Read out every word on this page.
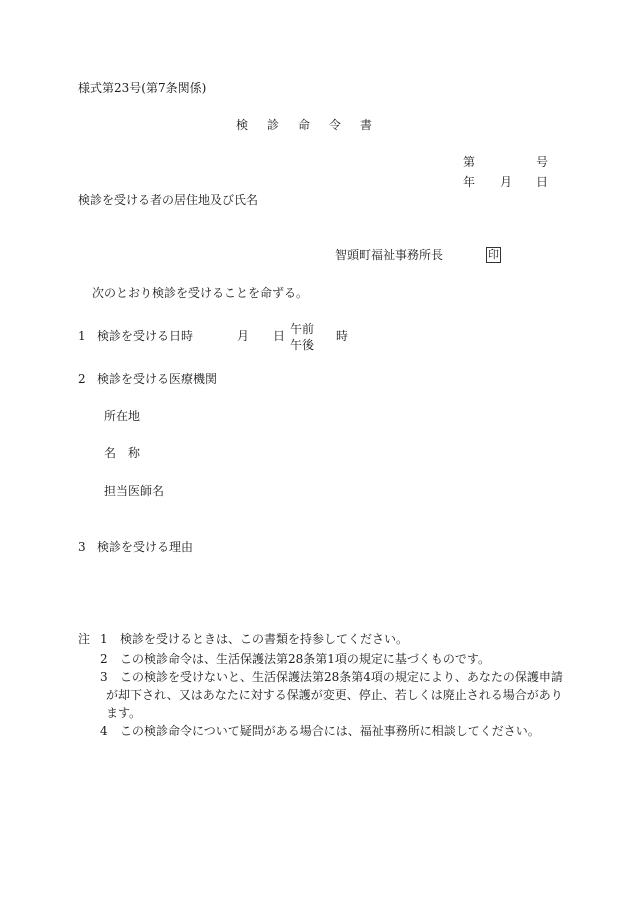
様式第23号(第7条関係)
検 診 命 令 書
第	号
年 月 日
検診を受ける者の居住地及び氏名
智頭町福祉事務所長	印
次のとおり検診を受けることを命ずる。
1 検診を受ける日時	月 日 午前
午後
時
2 検診を受ける医療機関
所在地
名　称
担当医師名
3 検診を受ける理由
注 1 検診を受けるときは、この書類を持参してください。
2 この検診命令は、生活保護法第28条第1項の規定に基づくものです。
3 この検診を受けないと、生活保護法第28条第4項の規定により、あなたの保護申請
が却下され、又はあなたに対する保護が変更、停止、若しくは廃止される場合があり
ます。
4 この検診命令について疑問がある場合には、福祉事務所に相談してください。
